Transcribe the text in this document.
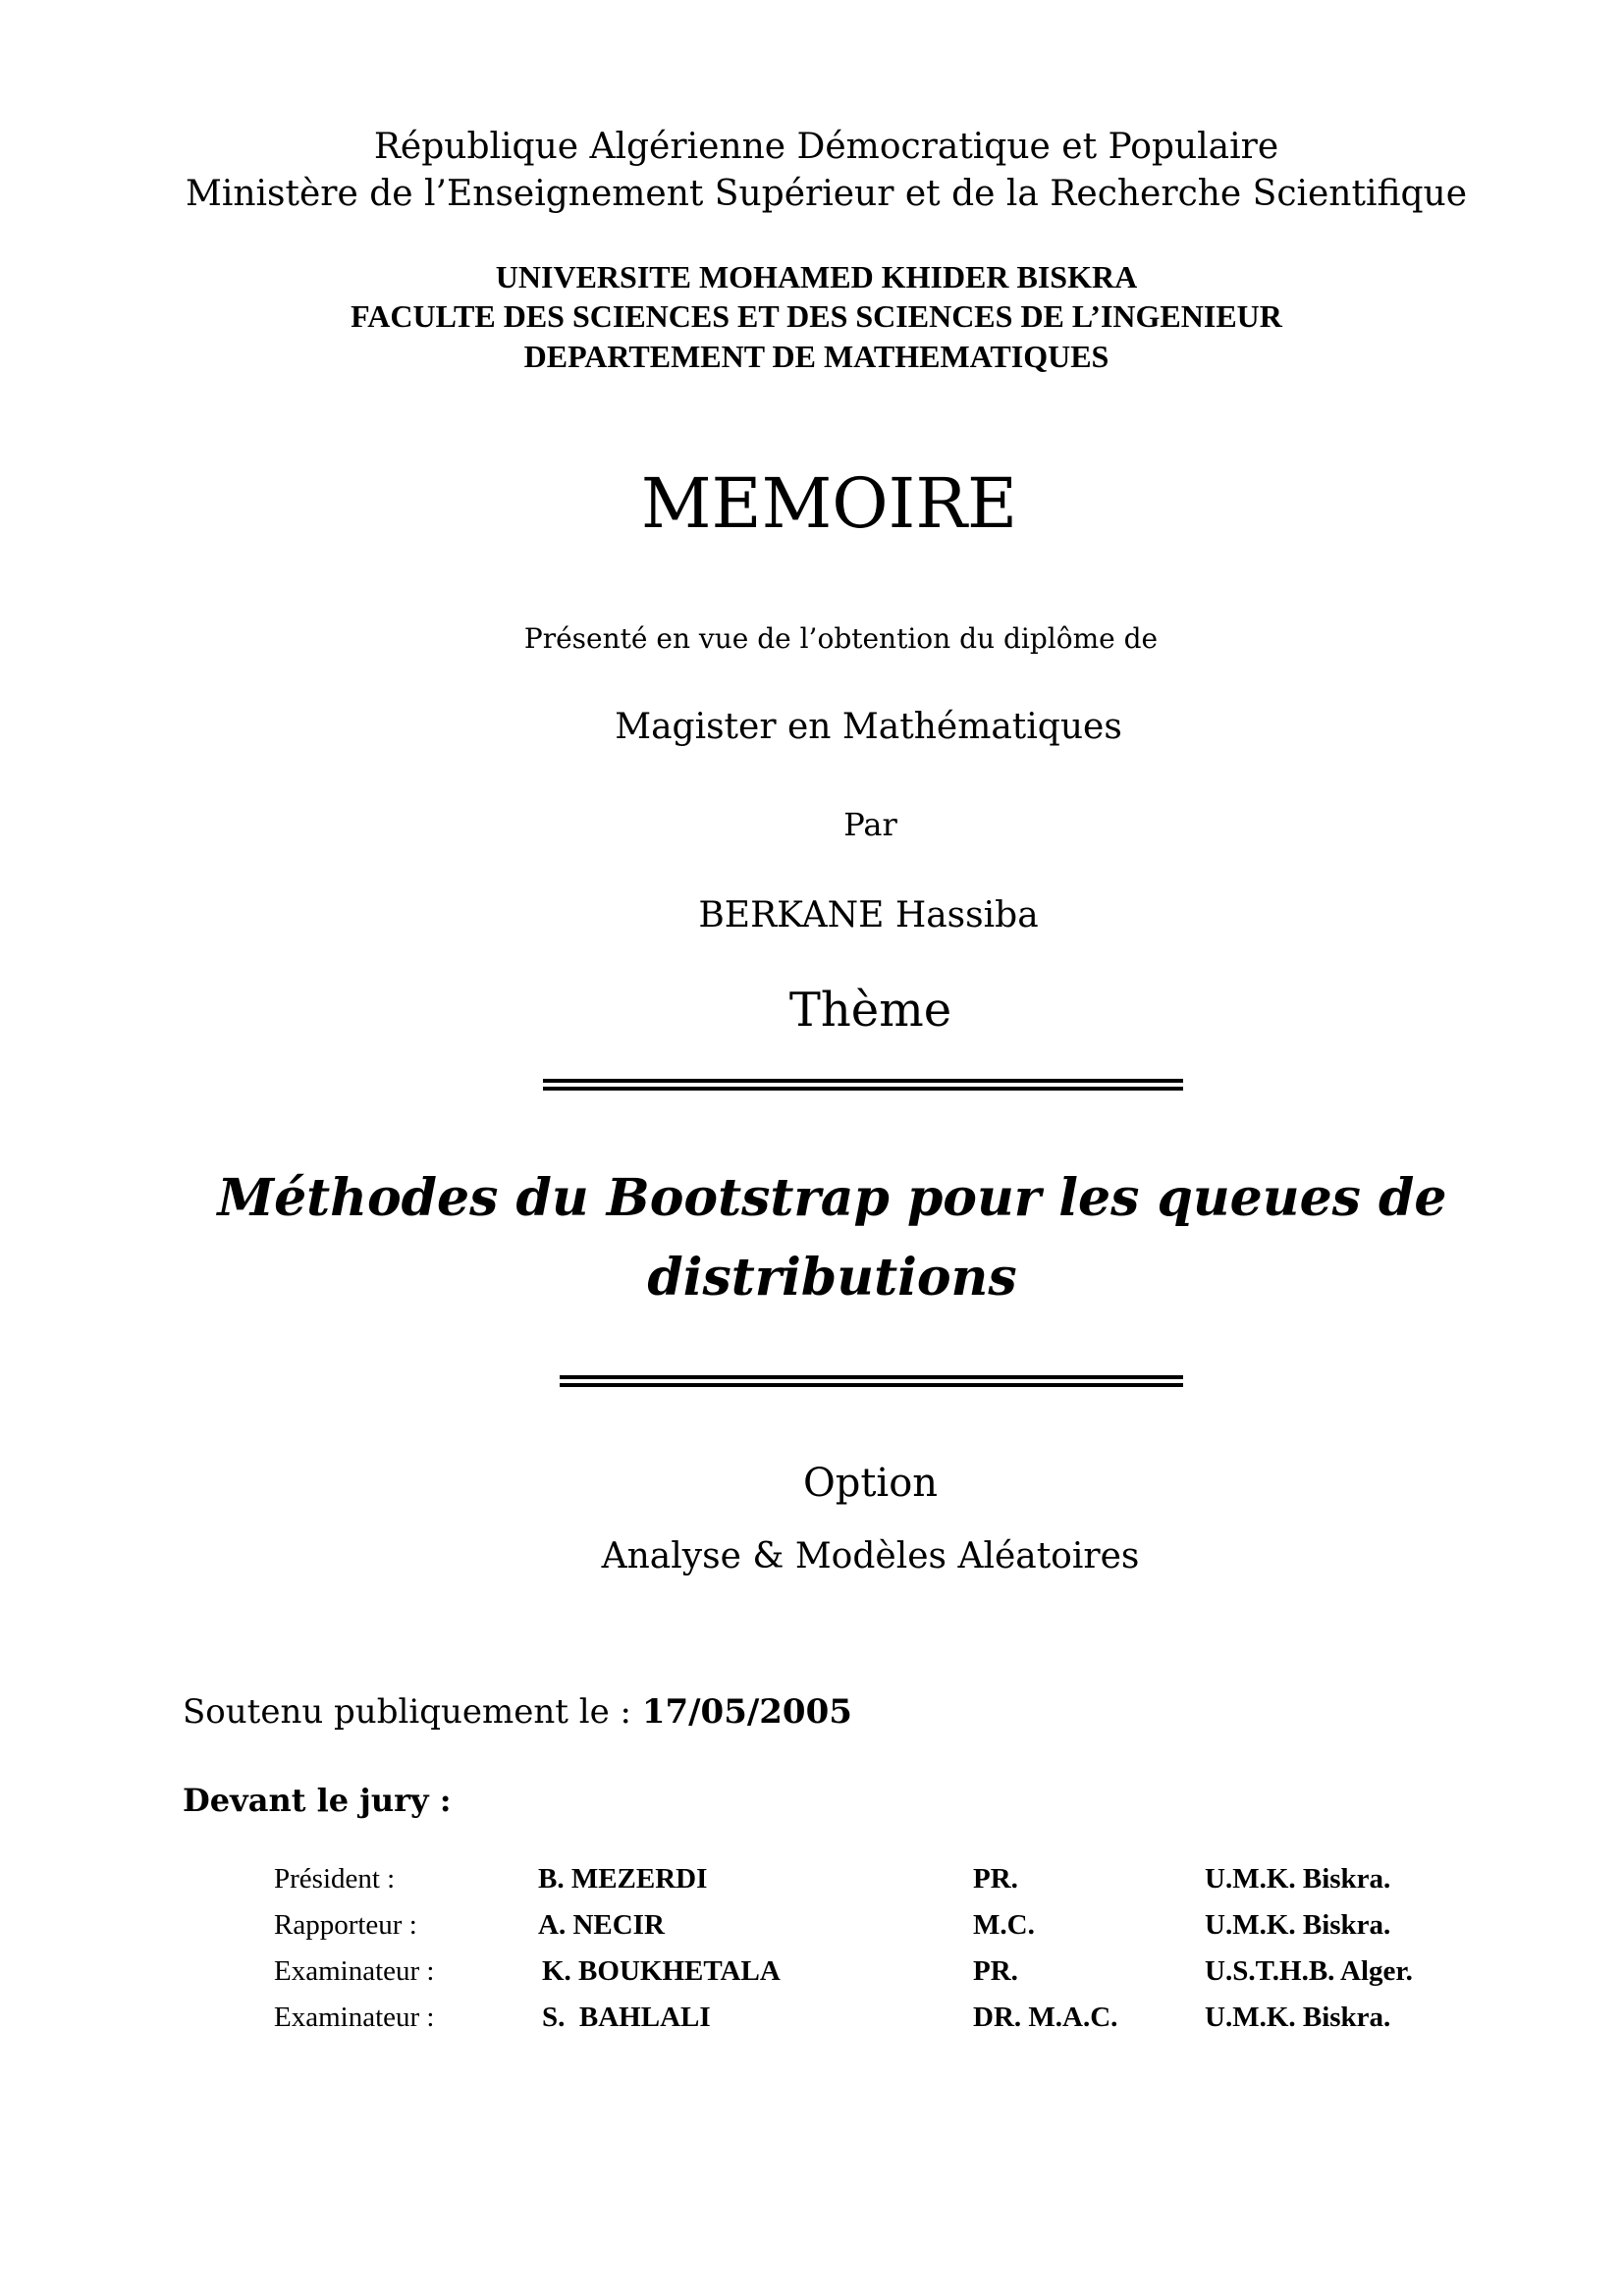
République Algérienne Démocratique et Populaire
Ministère de l’Enseignement Supérieur et de la Recherche Scientifique
UNIVERSITE MOHAMED KHIDER BISKRA
FACULTE DES SCIENCES ET DES SCIENCES DE L’INGENIEUR
DEPARTEMENT DE MATHEMATIQUES
MEMOIRE
Présenté en vue de l’obtention du diplôme de
Magister en Mathématiques
Par
BERKANE Hassiba
Thème
Méthodes du Bootstrap pour les queues de
distributions
Option
Analyse & Modèles Aléatoires
Soutenu publiquement le : 17/05/2005
Devant le jury :
Président :	B. MEZERDI	PR.	U.M.K. Biskra.
Rapporteur :	A. NECIR	M.C.	U.M.K. Biskra.
Examinateur :	K. BOUKHETALA	PR.	U.S.T.H.B. Alger.
Examinateur :	S.  BAHLALI	DR. M.A.C.	U.M.K. Biskra.
